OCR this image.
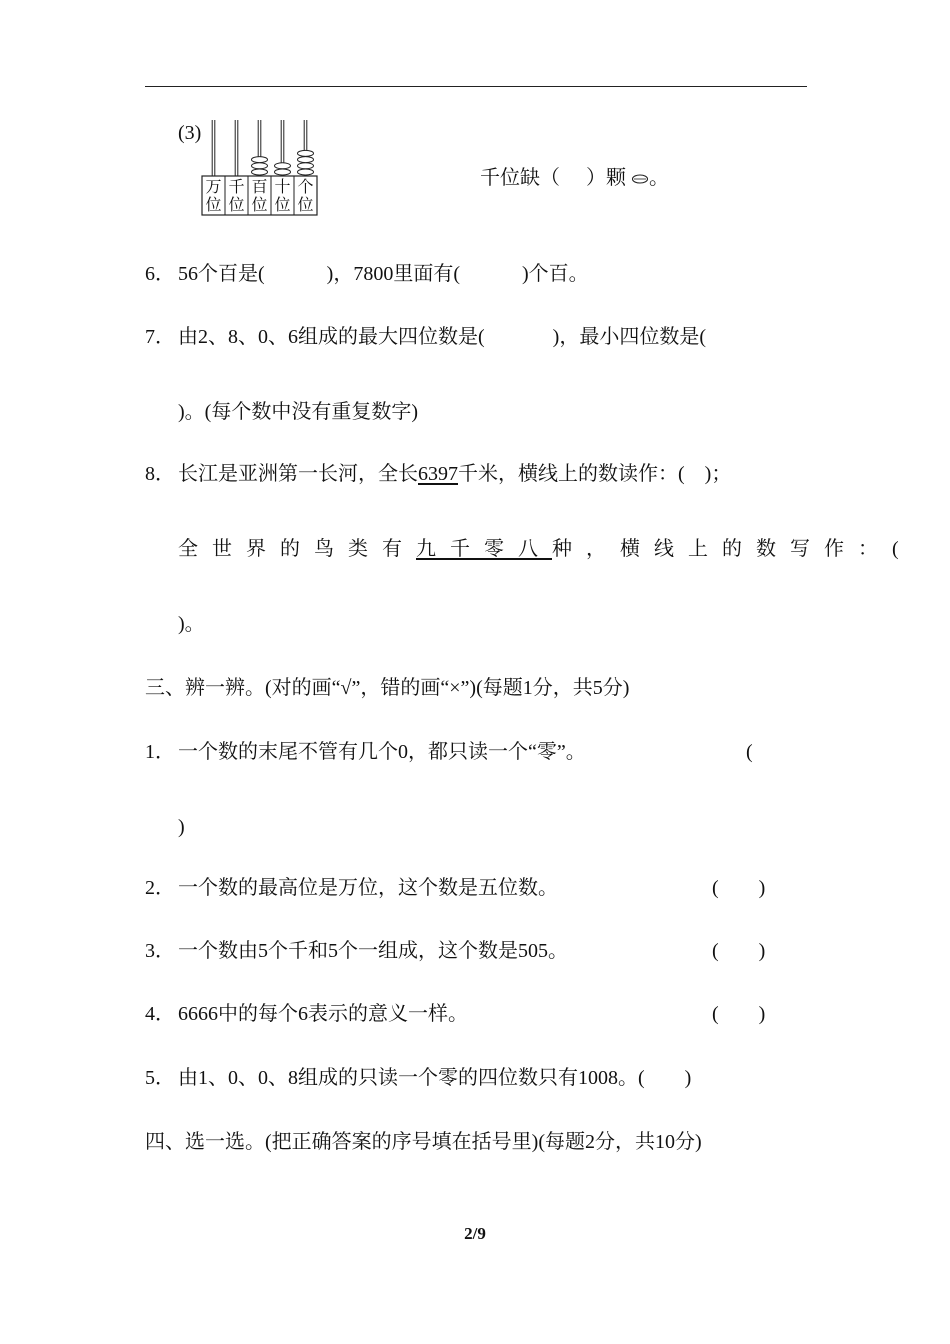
(3)
万
位
千
位
百
位
十
位
个
位
千位缺（ ）颗 。
6． 56个百是(	)，7800里面有(	)个百。
7． 由2、8、0、6组成的最大四位数是(	)，最小四位数是(
)。(每个数中没有重复数字)
8． 长江是亚洲第一长河，全长6397千米，横线上的数读作：( )；
全世界的鸟类有九千零八种，横线上的数写作：(
)。
三、辨一辨。(对的画“√”，错的画“×”)(每题1分，共5分)
1． 一个数的末尾不管有几个0，都只读一个“零”。	(
)
2． 一个数的最高位是万位，这个数是五位数。	(　　)
3． 一个数由5个千和5个一组成，这个数是505。	(　　)
4． 6666中的每个6表示的意义一样。	(　　)
5． 由1、0、0、8组成的只读一个零的四位数只有1008。(　　)
四、选一选。(把正确答案的序号填在括号里)(每题2分，共10分)
2/9
